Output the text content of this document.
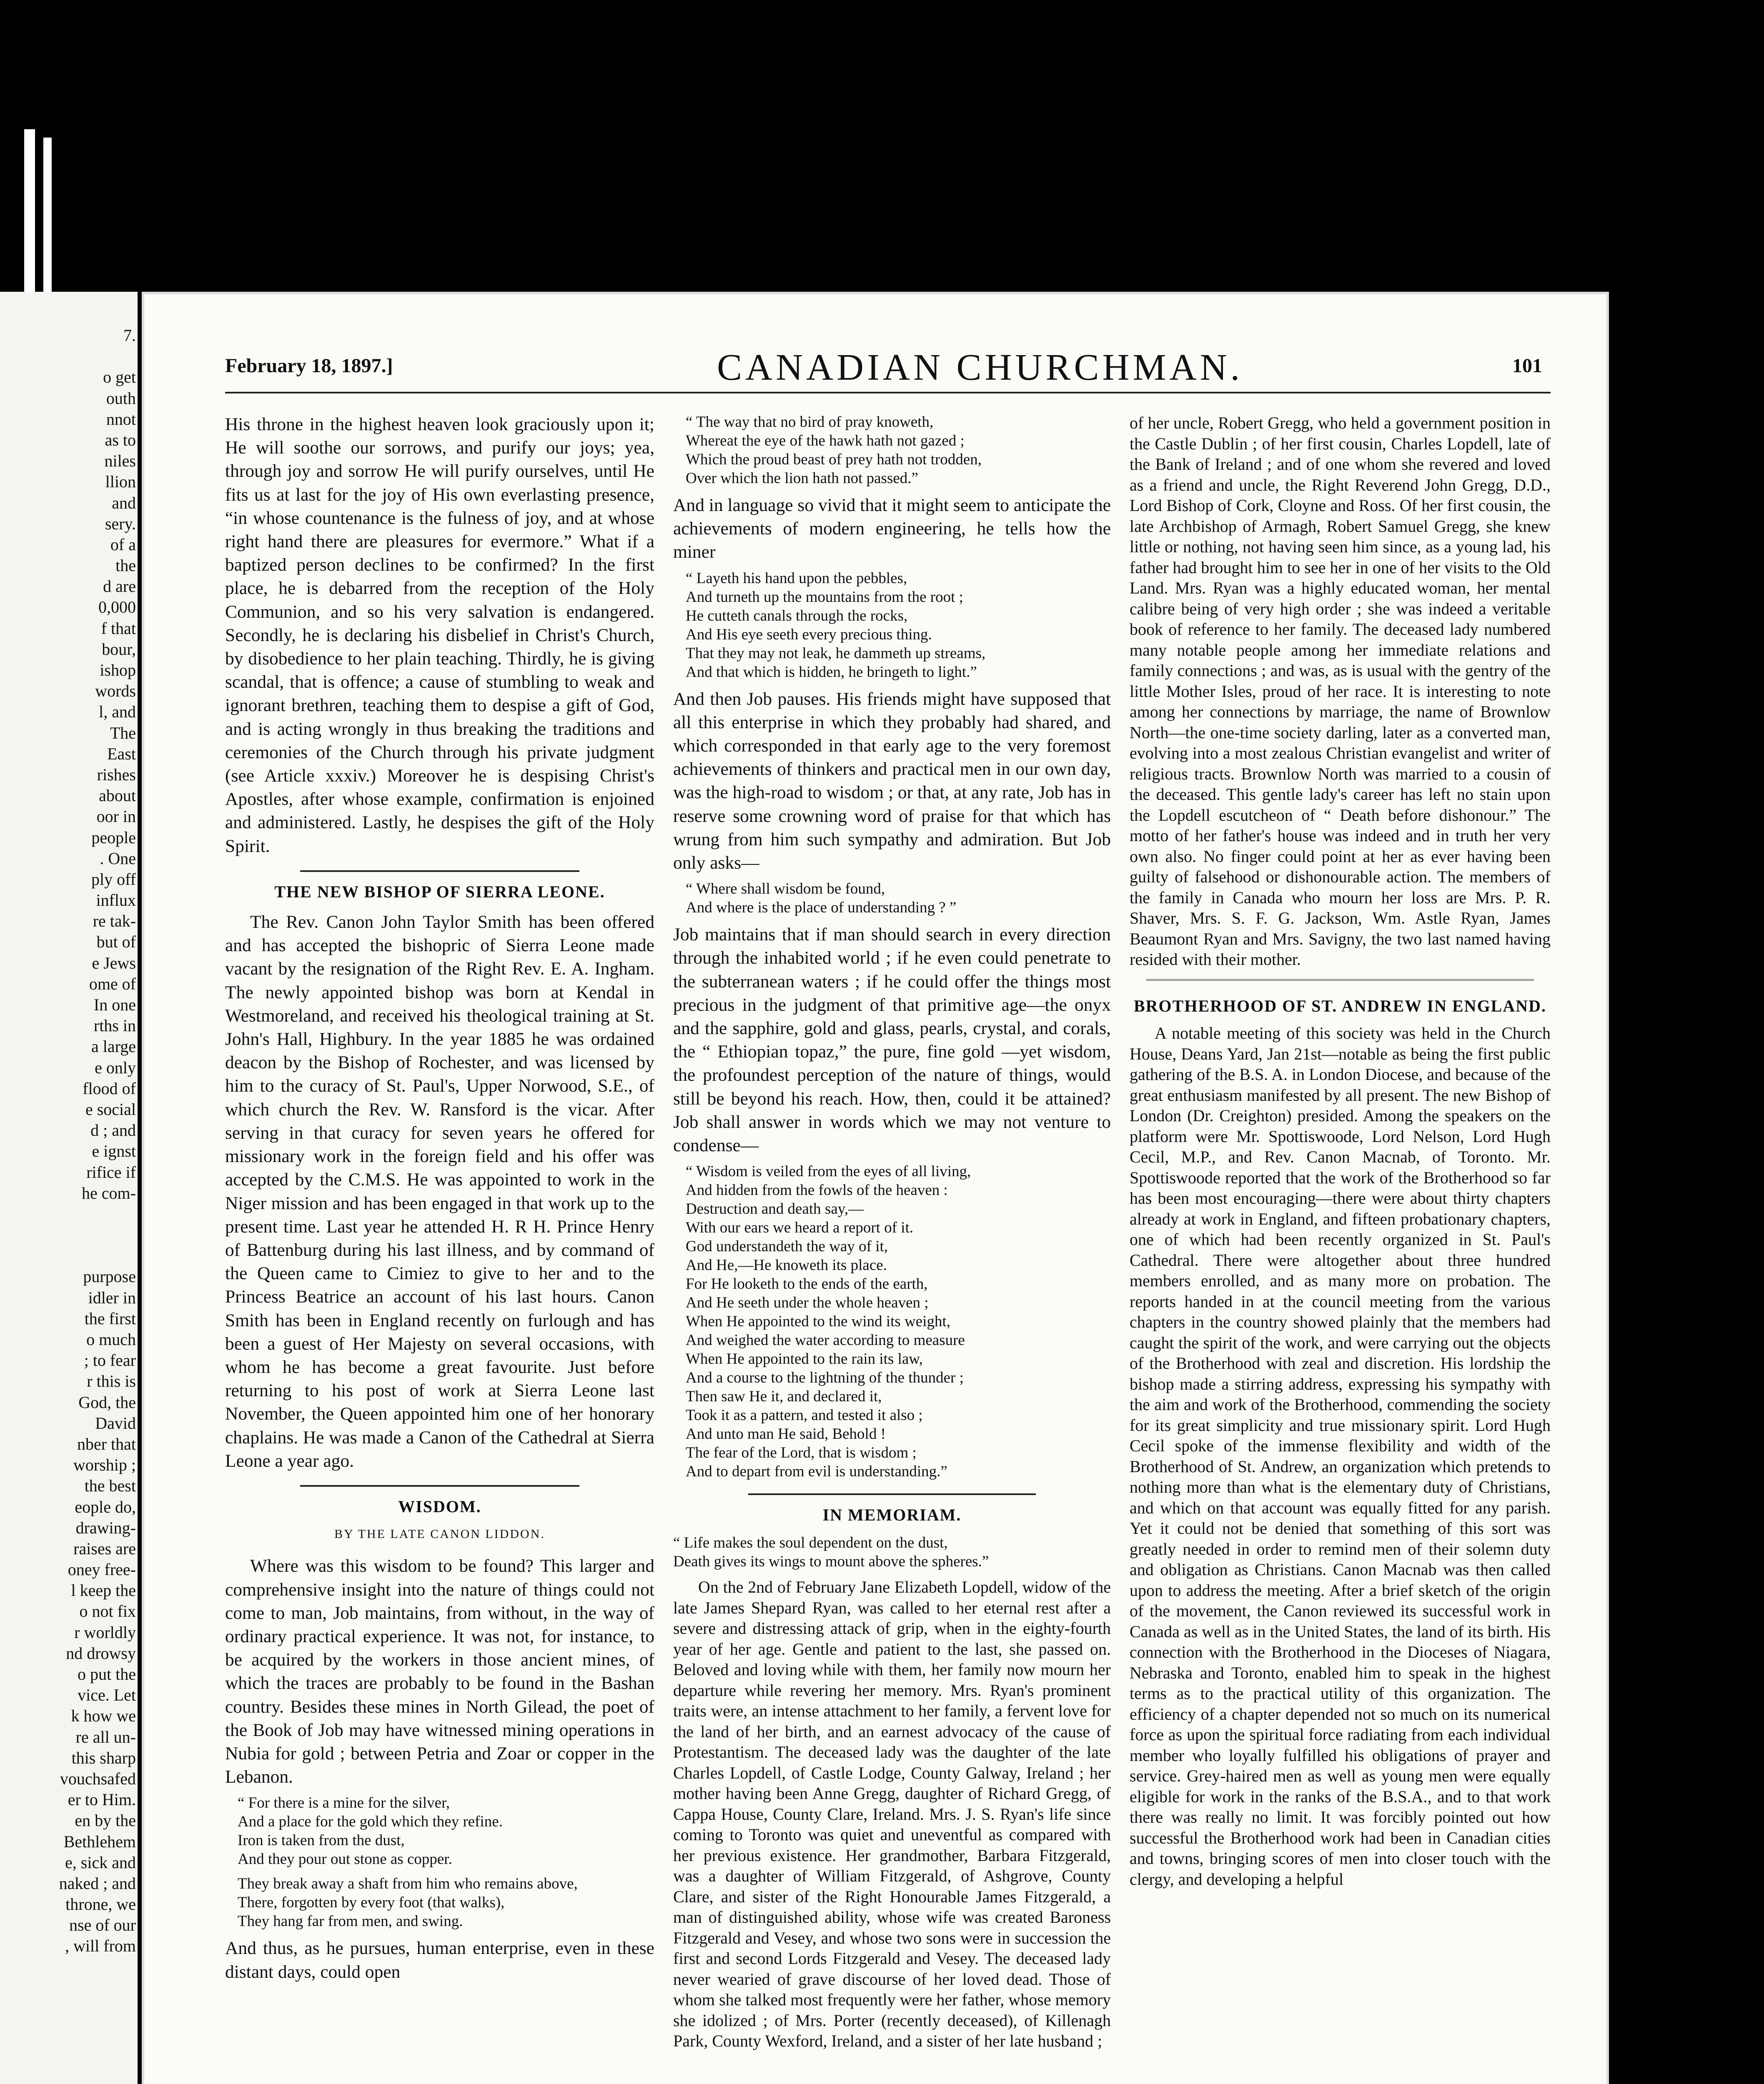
7.
o get
outh
nnot
as to
niles
llion
and
sery.
of a
the
d are
0,000
f that
bour,
ishop
words
l, and
The
East
rishes
about
oor in
people
. One
ply off
influx
re tak-
but of
e Jews
ome of
In one
rths in
a large
e only
flood of
e social
d ; and
e ignst
rifice if
he com-
purpose
idler in
the first
o much
; to fear
r this is
God, the
David
nber that
worship ;
the best
eople do,
drawing-
raises are
oney free-
l keep the
o not fix
r worldly
nd drowsy
o put the
vice. Let
k how we
re all un-
this sharp
vouchsafed
er to Him.
en by the
Bethlehem
e, sick and
naked ; and
throne, we
nse of our
, will from
February 18, 1897.]	CANADIAN CHURCHMAN.	101

His throne in the highest heaven look graciously upon it; He will soothe our sorrows, and purify our joys; yea, through joy and sorrow He will purify ourselves, until He fits us at last for the joy of His own everlasting presence, “in whose countenance is the fulness of joy, and at whose right hand there are pleasures for evermore.” What if a baptized person declines to be confirmed? In the first place, he is debarred from the reception of the Holy Communion, and so his very salvation is endangered. Secondly, he is declaring his disbelief in Christ's Church, by disobedience to her plain teaching. Thirdly, he is giving scandal, that is offence; a cause of stumbling to weak and ignorant brethren, teaching them to despise a gift of God, and is acting wrongly in thus breaking the traditions and ceremonies of the Church through his private judgment (see Article xxxiv.) Moreover he is despising Christ's Apostles, after whose example, confirmation is enjoined and administered. Lastly, he despises the gift of the Holy Spirit.

THE NEW BISHOP OF SIERRA LEONE.

The Rev. Canon John Taylor Smith has been offered and has accepted the bishopric of Sierra Leone made vacant by the resignation of the Right Rev. E. A. Ingham. The newly appointed bishop was born at Kendal in Westmoreland, and received his theological training at St. John's Hall, Highbury. In the year 1885 he was ordained deacon by the Bishop of Rochester, and was licensed by him to the curacy of St. Paul's, Upper Norwood, S.E., of which church the Rev. W. Ransford is the vicar. After serving in that curacy for seven years he offered for missionary work in the foreign field and his offer was accepted by the C.M.S. He was appointed to work in the Niger mission and has been engaged in that work up to the present time. Last year he attended H. R H. Prince Henry of Battenburg during his last illness, and by command of the Queen came to Cimiez to give to her and to the Princess Beatrice an account of his last hours. Canon Smith has been in England recently on furlough and has been a guest of Her Majesty on several occasions, with whom he has become a great favourite. Just before returning to his post of work at Sierra Leone last November, the Queen appointed him one of her honorary chaplains. He was made a Canon of the Cathedral at Sierra Leone a year ago.

WISDOM.
BY THE LATE CANON LIDDON.

Where was this wisdom to be found? This larger and comprehensive insight into the nature of things could not come to man, Job maintains, from without, in the way of ordinary practical experience. It was not, for instance, to be acquired by the workers in those ancient mines, of which the traces are probably to be found in the Bashan country. Besides these mines in North Gilead, the poet of the Book of Job may have witnessed mining operations in Nubia for gold ; between Petria and Zoar or copper in the Lebanon.

“ For there is a mine for the silver,
And a place for the gold which they refine.
Iron is taken from the dust,
And they pour out stone as copper.
They break away a shaft from him who remains above,
There, forgotten by every foot (that walks),
They hang far from men, and swing.

And thus, as he pursues, human enterprise, even in these distant days, could open

“ The way that no bird of pray knoweth,
Whereat the eye of the hawk hath not gazed ;
Which the proud beast of prey hath not trodden,
Over which the lion hath not passed.”

And in language so vivid that it might seem to anticipate the achievements of modern engineering, he tells how the miner

“ Layeth his hand upon the pebbles,
And turneth up the mountains from the root ;
He cutteth canals through the rocks,
And His eye seeth every precious thing.
That they may not leak, he dammeth up streams,
And that which is hidden, he bringeth to light.”

And then Job pauses. His friends might have supposed that all this enterprise in which they probably had shared, and which corresponded in that early age to the very foremost achievements of thinkers and practical men in our own day, was the high-road to wisdom ; or that, at any rate, Job has in reserve some crowning word of praise for that which has wrung from him such sympathy and admiration. But Job only asks—

“ Where shall wisdom be found,
And where is the place of understanding ? ”

Job maintains that if man should search in every direction through the inhabited world ; if he even could penetrate to the subterranean waters ; if he could offer the things most precious in the judgment of that primitive age—the onyx and the sapphire, gold and glass, pearls, crystal, and corals, the “ Ethiopian topaz,” the pure, fine gold —yet wisdom, the profoundest perception of the nature of things, would still be beyond his reach. How, then, could it be attained? Job shall answer in words which we may not venture to condense—

“ Wisdom is veiled from the eyes of all living,
And hidden from the fowls of the heaven :
Destruction and death say,—
With our ears we heard a report of it.
God understandeth the way of it,
And He,—He knoweth its place.
For He looketh to the ends of the earth,
And He seeth under the whole heaven ;
When He appointed to the wind its weight,
And weighed the water according to measure
When He appointed to the rain its law,
And a course to the lightning of the thunder ;
Then saw He it, and declared it,
Took it as a pattern, and tested it also ;
And unto man He said, Behold !
The fear of the Lord, that is wisdom ;
And to depart from evil is understanding.”
IN MEMORIAM.
“ Life makes the soul dependent on the dust,
Death gives its wings to mount above the spheres.”

On the 2nd of February Jane Elizabeth Lopdell, widow of the late James Shepard Ryan, was called to her eternal rest after a severe and distressing attack of grip, when in the eighty-fourth year of her age. Gentle and patient to the last, she passed on. Beloved and loving while with them, her family now mourn her departure while revering her memory. Mrs. Ryan's prominent traits were, an intense attachment to her family, a fervent love for the land of her birth, and an earnest advocacy of the cause of Protestantism. The deceased lady was the daughter of the late Charles Lopdell, of Castle Lodge, County Galway, Ireland ; her mother having been Anne Gregg, daughter of Richard Gregg, of Cappa House, County Clare, Ireland. Mrs. J. S. Ryan's life since coming to Toronto was quiet and uneventful as compared with her previous existence. Her grandmother, Barbara Fitzgerald, was a daughter of William Fitzgerald, of Ashgrove, County Clare, and sister of the Right Honourable James Fitzgerald, a man of distinguished ability, whose wife was created Baroness Fitzgerald and Vesey, and whose two sons were in succession the first and second Lords Fitzgerald and Vesey. The deceased lady never wearied of grave discourse of her loved dead. Those of whom she talked most frequently were her father, whose memory she idolized ; of Mrs. Porter (recently deceased), of Killenagh Park, County Wexford, Ireland, and a sister of her late husband ;

of her uncle, Robert Gregg, who held a government position in the Castle Dublin ; of her first cousin, Charles Lopdell, late of the Bank of Ireland ; and of one whom she revered and loved as a friend and uncle, the Right Reverend John Gregg, D.D., Lord Bishop of Cork, Cloyne and Ross. Of her first cousin, the late Archbishop of Armagh, Robert Samuel Gregg, she knew little or nothing, not having seen him since, as a young lad, his father had brought him to see her in one of her visits to the Old Land. Mrs. Ryan was a highly educated woman, her mental calibre being of very high order ; she was indeed a veritable book of reference to her family. The deceased lady numbered many notable people among her immediate relations and family connections ; and was, as is usual with the gentry of the little Mother Isles, proud of her race. It is interesting to note among her connections by marriage, the name of Brownlow North—the one-time society darling, later as a converted man, evolving into a most zealous Christian evangelist and writer of religious tracts. Brownlow North was married to a cousin of the deceased. This gentle lady's career has left no stain upon the Lopdell escutcheon of “ Death before dishonour.” The motto of her father's house was indeed and in truth her very own also. No finger could point at her as ever having been guilty of falsehood or dishonourable action. The members of the family in Canada who mourn her loss are Mrs. P. R. Shaver, Mrs. S. F. G. Jackson, Wm. Astle Ryan, James Beaumont Ryan and Mrs. Savigny, the two last named having resided with their mother.

BROTHERHOOD OF ST. ANDREW IN ENGLAND.

A notable meeting of this society was held in the Church House, Deans Yard, Jan 21st—notable as being the first public gathering of the B.S. A. in London Diocese, and because of the great enthusiasm manifested by all present. The new Bishop of London (Dr. Creighton) presided. Among the speakers on the platform were Mr. Spottiswoode, Lord Nelson, Lord Hugh Cecil, M.P., and Rev. Canon Macnab, of Toronto. Mr. Spottiswoode reported that the work of the Brotherhood so far has been most encouraging—there were about thirty chapters already at work in England, and fifteen probationary chapters, one of which had been recently organized in St. Paul's Cathedral. There were altogether about three hundred members enrolled, and as many more on probation. The reports handed in at the council meeting from the various chapters in the country showed plainly that the members had caught the spirit of the work, and were carrying out the objects of the Brotherhood with zeal and discretion. His lordship the bishop made a stirring address, expressing his sympathy with the aim and work of the Brotherhood, commending the society for its great simplicity and true missionary spirit. Lord Hugh Cecil spoke of the immense flexibility and width of the Brotherhood of St. Andrew, an organization which pretends to nothing more than what is the elementary duty of Christians, and which on that account was equally fitted for any parish. Yet it could not be denied that something of this sort was greatly needed in order to remind men of their solemn duty and obligation as Christians. Canon Macnab was then called upon to address the meeting. After a brief sketch of the origin of the movement, the Canon reviewed its successful work in Canada as well as in the United States, the land of its birth. His connection with the Brotherhood in the Dioceses of Niagara, Nebraska and Toronto, enabled him to speak in the highest terms as to the practical utility of this organization. The efficiency of a chapter depended not so much on its numerical force as upon the spiritual force radiating from each individual member who loyally fulfilled his obligations of prayer and service. Grey-haired men as well as young men were equally eligible for work in the ranks of the B.S.A., and to that work there was really no limit. It was forcibly pointed out how successful the Brotherhood work had been in Canadian cities and towns, bringing scores of men into closer touch with the clergy, and developing a helpful
